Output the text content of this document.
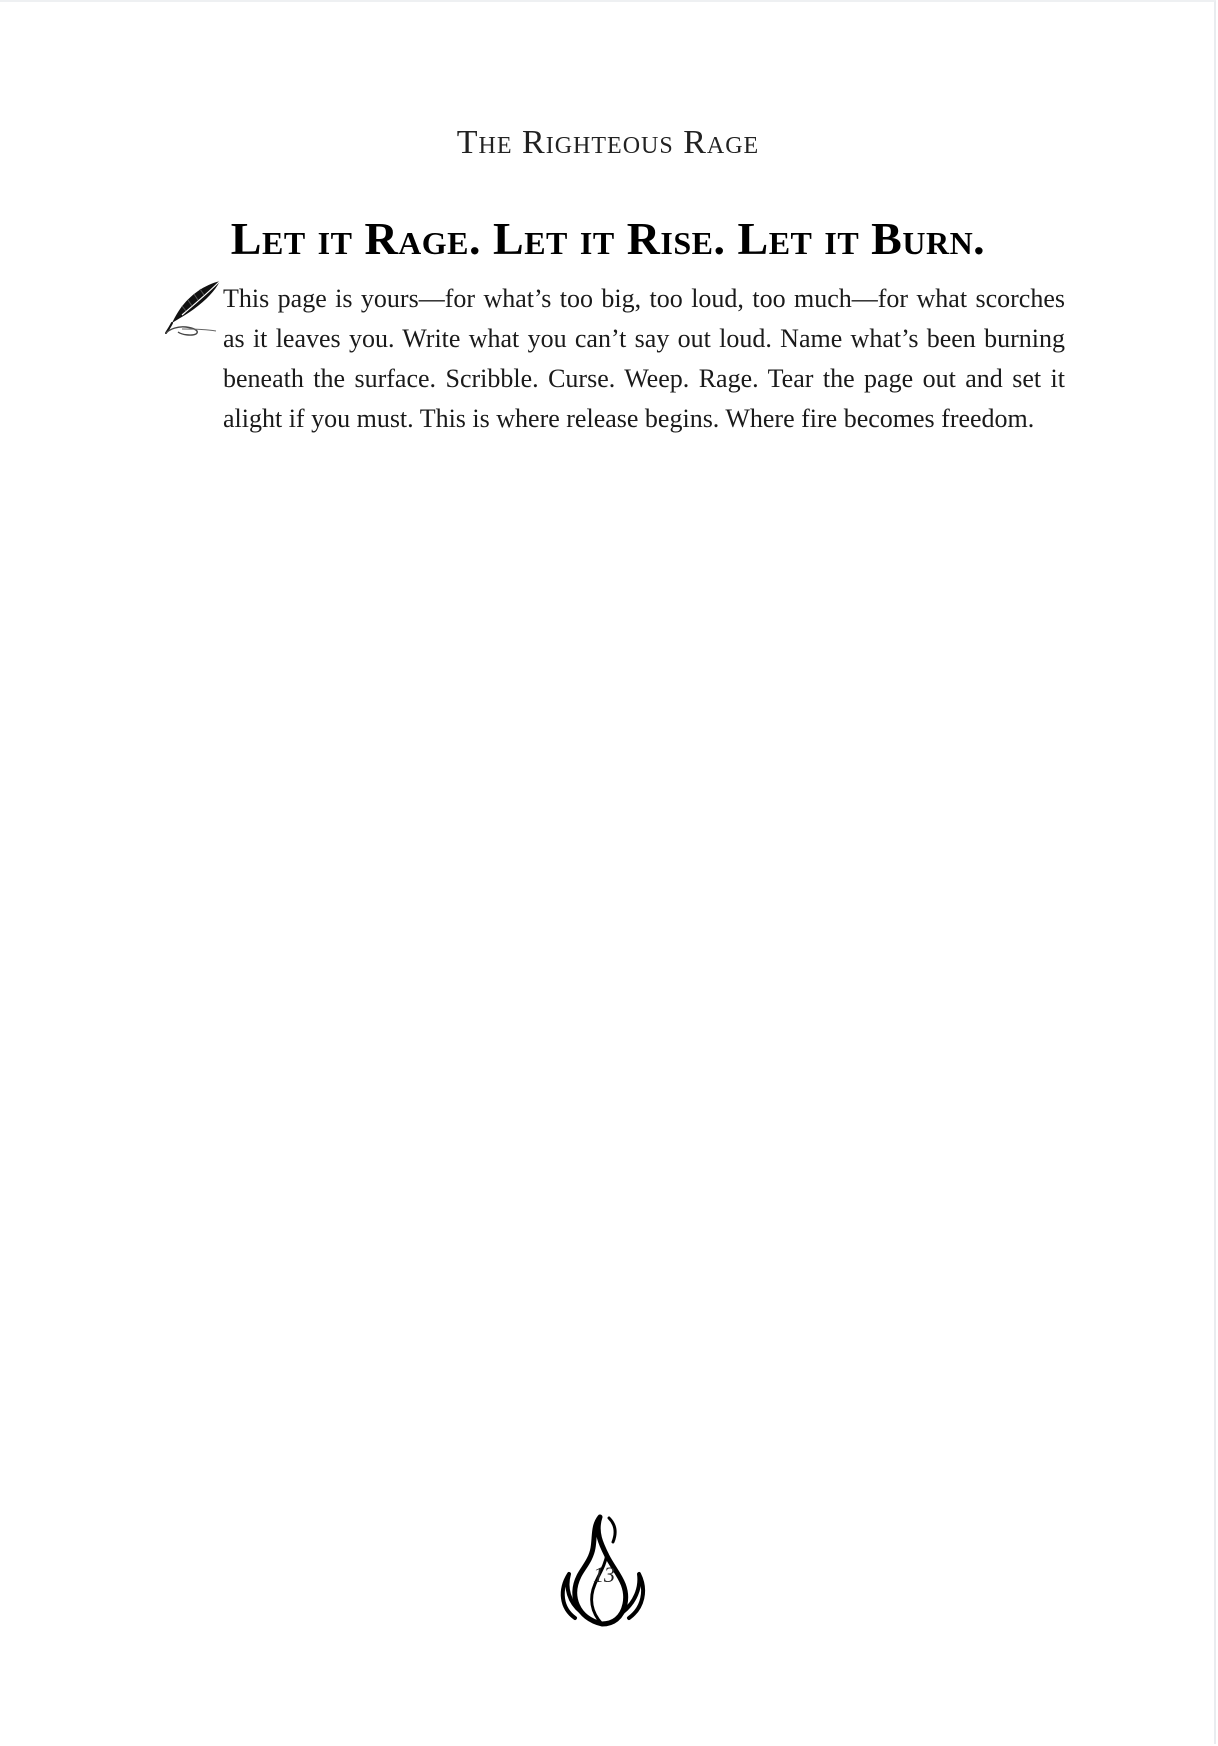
The Righteous Rage
Let it Rage. Let it Rise. Let it Burn.

This page is yours—for what’s too big, too loud, too much—for what scorches as it leaves you. Write what you can’t say out loud. Name what’s been burning beneath the surface. Scribble. Curse. Weep. Rage. Tear the page out and set it alight if you must. This is where release begins. Where fire becomes freedom.

13
